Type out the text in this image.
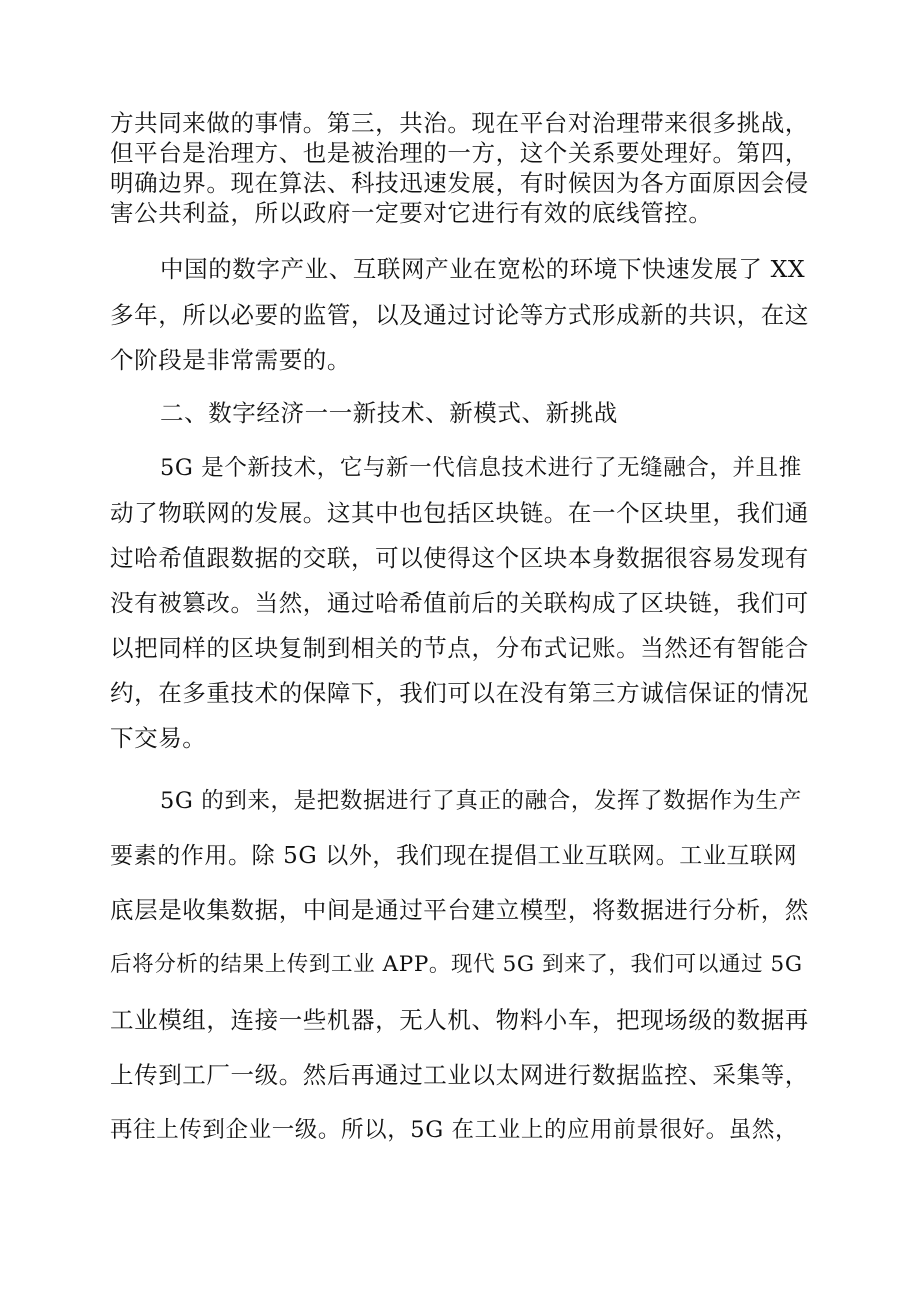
方共同来做的事情。第三，共治。现在平台对治理带来很多挑战，
但平台是治理方、也是被治理的一方，这个关系要处理好。第四，
明确边界。现在算法、科技迅速发展，有时候因为各方面原因会侵
害公共利益，所以政府一定要对它进行有效的底线管控。
中国的数字产业、互联网产业在宽松的环境下快速发展了 XX
多年，所以必要的监管，以及通过讨论等方式形成新的共识，在这
个阶段是非常需要的。
二、数字经济一一新技术、新模式、新挑战
5G 是个新技术，它与新一代信息技术进行了无缝融合，并且推
动了物联网的发展。这其中也包括区块链。在一个区块里，我们通
过哈希值跟数据的交联，可以使得这个区块本身数据很容易发现有
没有被篡改。当然，通过哈希值前后的关联构成了区块链，我们可
以把同样的区块复制到相关的节点，分布式记账。当然还有智能合
约，在多重技术的保障下，我们可以在没有第三方诚信保证的情况
下交易。
5G 的到来，是把数据进行了真正的融合，发挥了数据作为生产
要素的作用。除 5G 以外，我们现在提倡工业互联网。工业互联网
底层是收集数据，中间是通过平台建立模型，将数据进行分析，然
后将分析的结果上传到工业 APP。现代 5G 到来了，我们可以通过 5G
工业模组，连接一些机器，无人机、物料小车，把现场级的数据再
上传到工厂一级。然后再通过工业以太网进行数据监控、采集等，
再往上传到企业一级。所以，5G 在工业上的应用前景很好。虽然，
